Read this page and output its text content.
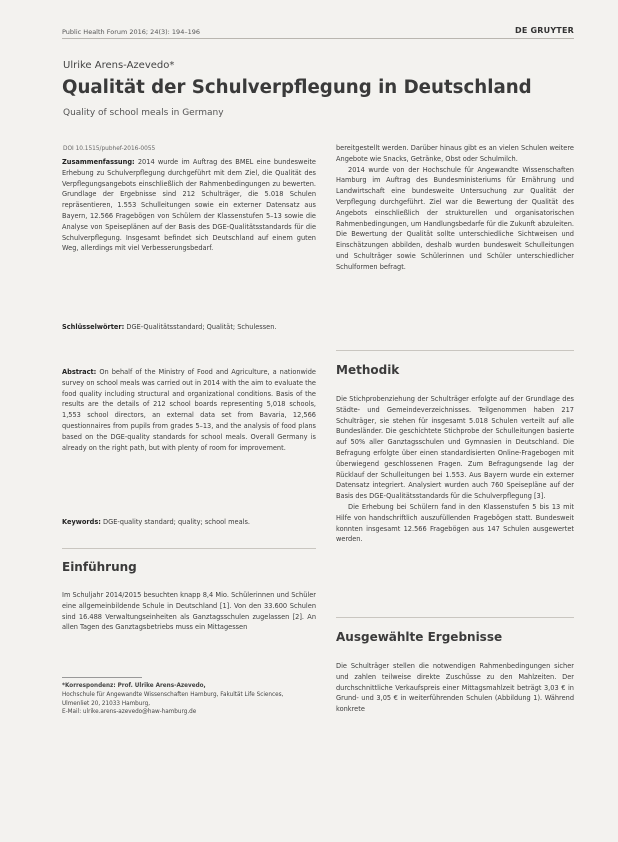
Public Health Forum 2016; 24(3): 194–196	DE GRUYTER
Ulrike Arens-Azevedo*
Qualität der Schulverpflegung in Deutschland
Quality of school meals in Germany
DOI 10.1515/pubhef-2016-0055

Zusammenfassung: 2014 wurde im Auftrag des BMEL eine bundesweite Erhebung zu Schulverpflegung durchgeführt mit dem Ziel, die Qualität des Verpflegungsangebots einschließlich der Rahmenbedingungen zu bewerten. Grundlage der Ergebnisse sind 212 Schulträger, die 5.018 Schulen repräsentieren, 1.553 Schulleitungen sowie ein externer Datensatz aus Bayern, 12.566 Fragebögen von Schülern der Klassenstufen 5–13 sowie die Analyse von Speiseplänen auf der Basis des DGE-Qualitätsstandards für die Schulverpflegung. Insgesamt befindet sich Deutschland auf einem guten Weg, allerdings mit viel Verbesserungsbedarf.

Schlüsselwörter: DGE-Qualitätsstandard; Qualität; Schulessen.

Abstract: On behalf of the Ministry of Food and Agriculture, a nationwide survey on school meals was carried out in 2014 with the aim to evaluate the food quality including structural and organizational conditions. Basis of the results are the details of 212 school boards representing 5,018 schools, 1,553 school directors, an external data set from Bavaria, 12,566 questionnaires from pupils from grades 5–13, and the analysis of food plans based on the DGE-quality standards for school meals. Overall Germany is already on the right path, but with plenty of room for improvement.

Keywords: DGE-quality standard; quality; school meals.

Einführung

Im Schuljahr 2014/2015 besuchten knapp 8,4 Mio. Schülerinnen und Schüler eine allgemeinbildende Schule in Deutschland [1]. Von den 33.600 Schulen sind 16.488 Verwaltungseinheiten als Ganztagsschulen zugelassen [2]. An allen Tagen des Ganztagsbetriebs muss ein Mittagessen

*Korrespondenz: Prof. Ulrike Arens-Azevedo,
Hochschule für Angewandte Wissenschaften Hamburg, Fakultät Life Sciences,
Ulmenliet 20, 21033 Hamburg,
E-Mail: ulrike.arens-azevedo@haw-hamburg.de

bereitgestellt werden. Darüber hinaus gibt es an vielen Schulen weitere Angebote wie Snacks, Getränke, Obst oder Schulmilch.

2014 wurde von der Hochschule für Angewandte Wissenschaften Hamburg im Auftrag des Bundesministeriums für Ernährung und Landwirtschaft eine bundesweite Untersuchung zur Qualität der Verpflegung durchgeführt. Ziel war die Bewertung der Qualität des Angebots einschließlich der strukturellen und organisatorischen Rahmenbedingungen, um Handlungsbedarfe für die Zukunft abzuleiten. Die Bewertung der Qualität sollte unterschiedliche Sichtweisen und Einschätzungen abbilden, deshalb wurden bundesweit Schulleitungen und Schulträger sowie Schülerinnen und Schüler unterschiedlicher Schulformen befragt.

Methodik

Die Stichprobenziehung der Schulträger erfolgte auf der Grundlage des Städte- und Gemeindeverzeichnisses. Teilgenommen haben 217 Schulträger, sie stehen für insgesamt 5.018 Schulen verteilt auf alle Bundesländer. Die geschichtete Stichprobe der Schulleitungen basierte auf 50% aller Ganztagsschulen und Gymnasien in Deutschland. Die Befragung erfolgte über einen standardisierten Online-Fragebogen mit überwiegend geschlossenen Fragen. Zum Befragungsende lag der Rücklauf der Schulleitungen bei 1.553. Aus Bayern wurde ein externer Datensatz integriert. Analysiert wurden auch 760 Speisepläne auf der Basis des DGE-Qualitätsstandards für die Schulverpflegung [3].

Die Erhebung bei Schülern fand in den Klassenstufen 5 bis 13 mit Hilfe von handschriftlich auszufüllenden Fragebögen statt. Bundesweit konnten insgesamt 12.566 Fragebögen aus 147 Schulen ausgewertet werden.

Ausgewählte Ergebnisse

Die Schulträger stellen die notwendigen Rahmenbedingungen sicher und zahlen teilweise direkte Zuschüsse zu den Mahlzeiten. Der durchschnittliche Verkaufspreis einer Mittagsmahlzeit beträgt 3,03 € in Grund- und 3,05 € in weiterführenden Schulen (Abbildung 1). Während konkrete
